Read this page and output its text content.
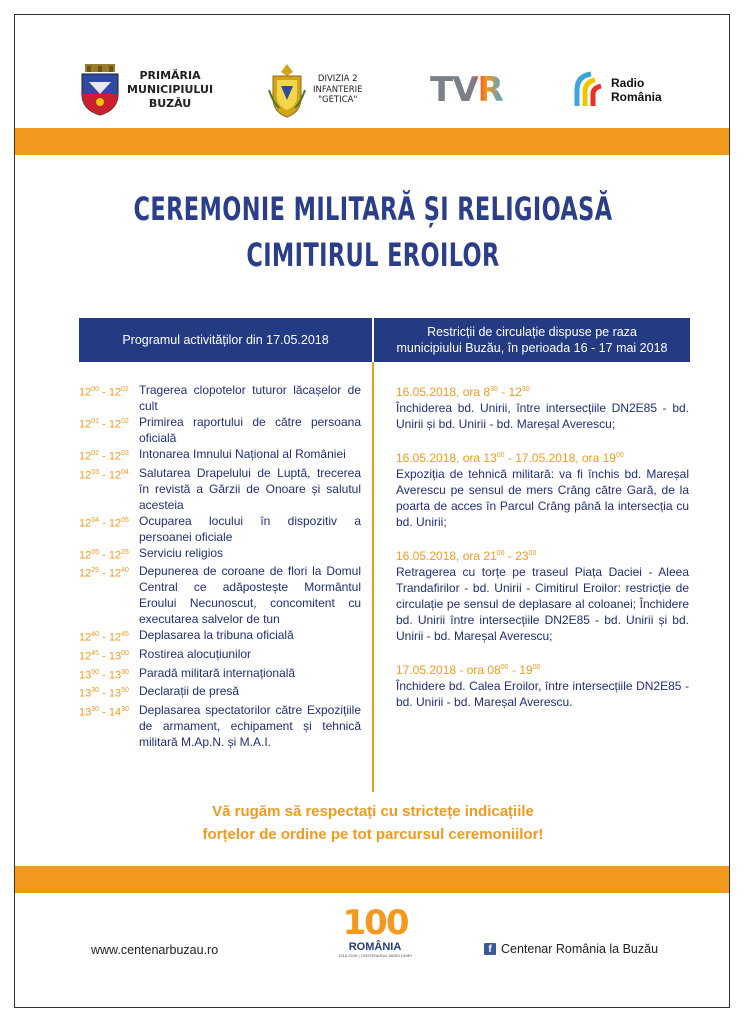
PRIMĂRIA
MUNICIPIULUI
BUZĂU
DIVIZIA 2
INFANTERIE
"GETICA" TVR	Radio
România
CEREMONIE MILITARĂ ȘI RELIGIOASĂ
CIMITIRUL EROILOR
Programul activităților din 17.05.2018
Restricții de circulație dispuse pe raza
municipiului Buzău, în perioada 16 - 17 mai 2018
$12^{00} - 12^{01}$ Tragerea clopotelor tuturor lăcașelor de cult
$12^{01} - 12^{02}$ Primirea raportului de către persoana oficială
$12^{02} - 12^{03}$ Intonarea Imnului Național al României
$12^{03} - 12^{04}$ Salutarea Drapelului de Luptă, trecerea în revistă a Gărzii de Onoare și salutul acesteia
$12^{04} - 12^{05}$ Ocuparea locului în dispozitiv a persoanei oficiale
$12^{05} - 12^{25}$ Serviciu religios
$12^{25} - 12^{40}$ Depunerea de coroane de flori la Domul Central ce adăpostește Mormântul Eroului Necunoscut, concomitent cu executarea salvelor de tun
$12^{40} - 12^{45}$ Deplasarea la tribuna oficială
$12^{45} - 13^{00}$ Rostirea alocuțiunilor
$13^{00} - 13^{30}$ Paradă militară internațională
$13^{30} - 13^{50}$ Declarații de presă
$13^{30} - 14^{30}$ Deplasarea spectatorilor către Expozițiile de armament, echipament și tehnică militară M.Ap.N. și M.A.I.
16.05.2018, ora $8^{30} - 12^{30}$
Închiderea bd. Unirii, între intersecțiile DN2E85 - bd. Unirii și bd. Unirii - bd. Mareșal Averescu;
16.05.2018, ora $13^{00} - 17.05.2018$, ora $19^{00}$
Expoziția de tehnică militară: va fi închis bd. Mareșal Averescu pe sensul de mers Crâng către Gară, de la poarta de acces în Parcul Crâng până la intersecția cu bd. Unirii;
16.05.2018, ora $21^{00} - 23^{00}$
Retragerea cu torțe pe traseul Piața Daciei - Aleea Trandafirilor - bd. Unirii - Cimitirul Eroilor: restricție de circulație pe sensul de deplasare al coloanei; Închidere bd. Unirii între intersecțiile DN2E85 - bd. Unirii și bd. Unirii - bd. Mareșal Averescu;
17.05.2018 - ora $08^{00} - 19^{00}$
Închidere bd. Calea Eroilor, între intersecțiile DN2E85 - bd. Unirii - bd. Mareșal Averescu.
Vă rugăm să respectați cu strictețe indicațiile
forțelor de ordine pe tot parcursul ceremoniilor!
www.centenarbuzau.ro
100
ROMÂNIA
1918-2018 | CENTENARUL MARII UNIRI
f Centenar România la Buzău
